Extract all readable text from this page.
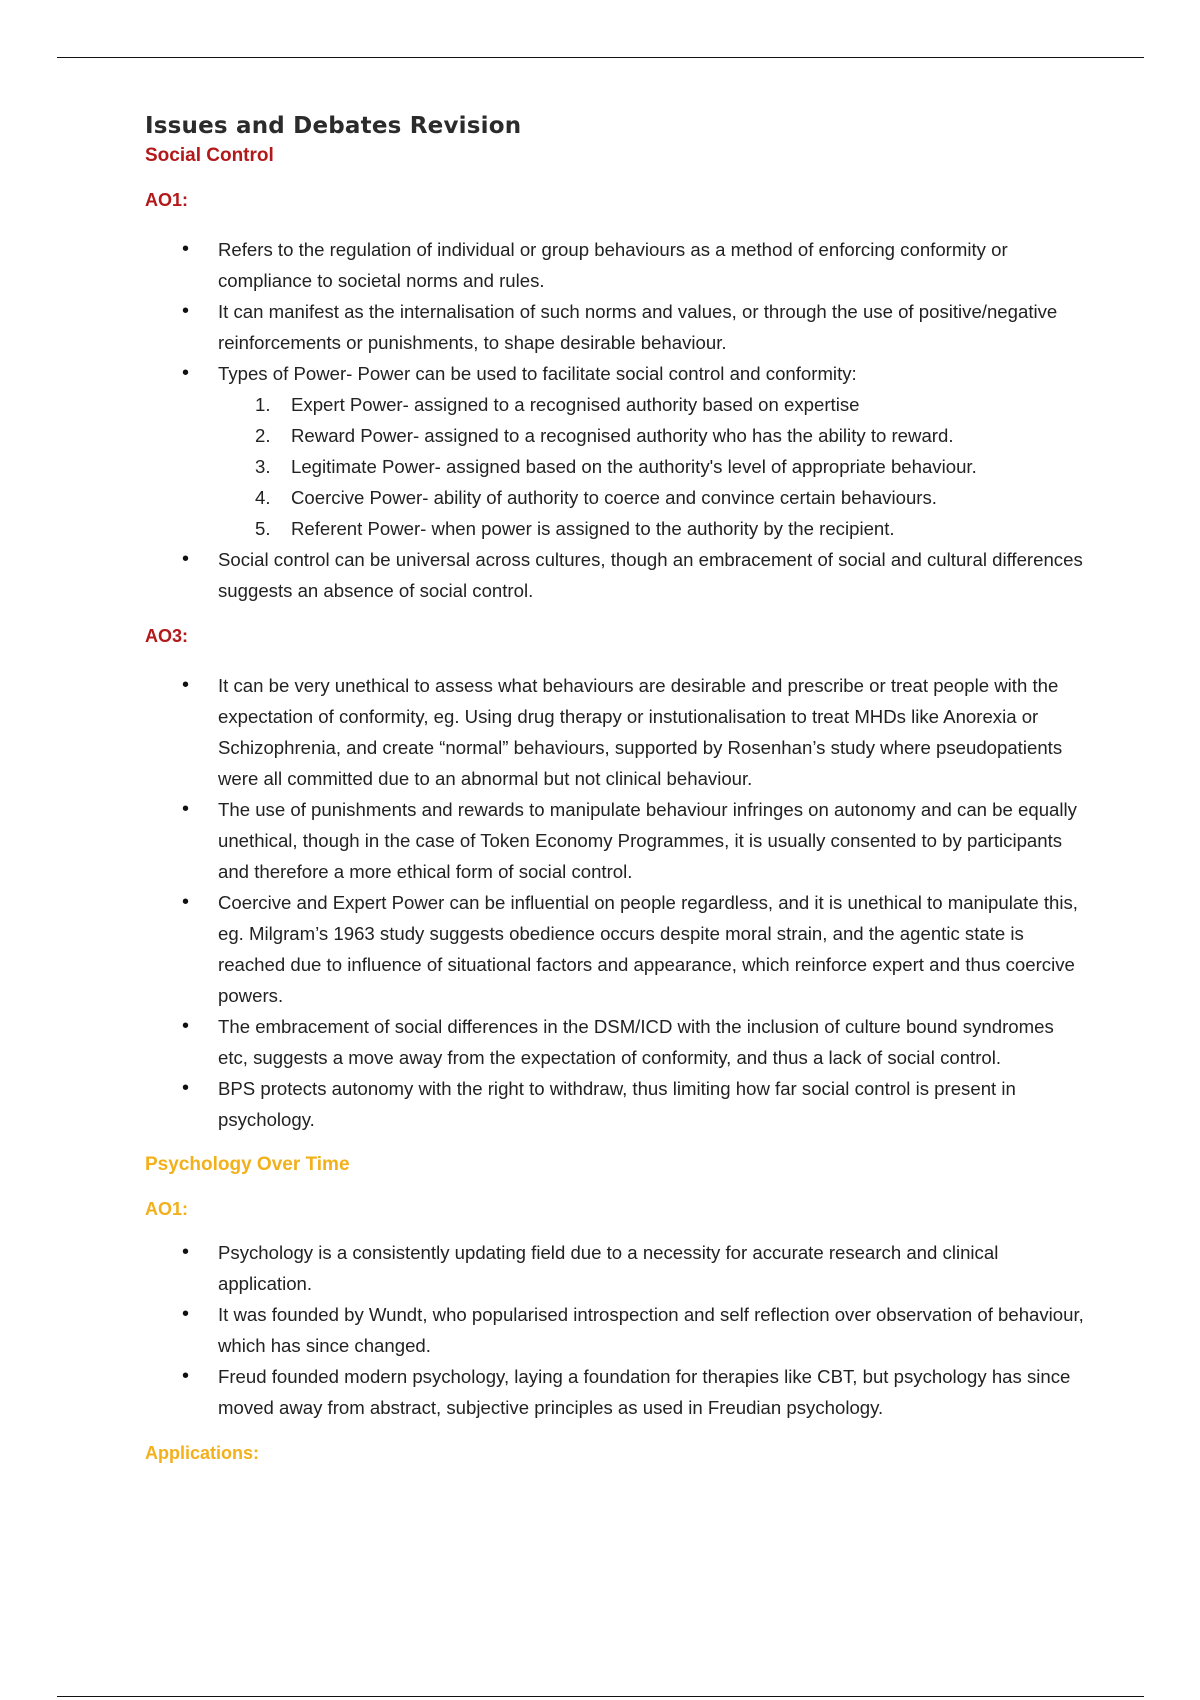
Issues and Debates Revision
Social Control
AO1:
• Refers to the regulation of individual or group behaviours as a method of enforcing conformity or compliance to societal norms and rules.
• It can manifest as the internalisation of such norms and values, or through the use of positive/negative reinforcements or punishments, to shape desirable behaviour.
• Types of Power- Power can be used to facilitate social control and conformity:
1. Expert Power- assigned to a recognised authority based on expertise
2. Reward Power- assigned to a recognised authority who has the ability to reward.
3. Legitimate Power- assigned based on the authority's level of appropriate behaviour.
4. Coercive Power- ability of authority to coerce and convince certain behaviours.
5. Referent Power- when power is assigned to the authority by the recipient.
• Social control can be universal across cultures, though an embracement of social and cultural differences suggests an absence of social control.
AO3:
• It can be very unethical to assess what behaviours are desirable and prescribe or treat people with the expectation of conformity, eg. Using drug therapy or instutionalisation to treat MHDs like Anorexia or Schizophrenia, and create “normal” behaviours, supported by Rosenhan’s study where pseudopatients were all committed due to an abnormal but not clinical behaviour.
• The use of punishments and rewards to manipulate behaviour infringes on autonomy and can be equally unethical, though in the case of Token Economy Programmes, it is usually consented to by participants and therefore a more ethical form of social control.
• Coercive and Expert Power can be influential on people regardless, and it is unethical to manipulate this, eg. Milgram’s 1963 study suggests obedience occurs despite moral strain, and the agentic state is reached due to influence of situational factors and appearance, which reinforce expert and thus coercive powers.
• The embracement of social differences in the DSM/ICD with the inclusion of culture bound syndromes etc, suggests a move away from the expectation of conformity, and thus a lack of social control.
• BPS protects autonomy with the right to withdraw, thus limiting how far social control is present in psychology.
Psychology Over Time
AO1:
• Psychology is a consistently updating field due to a necessity for accurate research and clinical application.
• It was founded by Wundt, who popularised introspection and self reflection over observation of behaviour, which has since changed.
• Freud founded modern psychology, laying a foundation for therapies like CBT, but psychology has since moved away from abstract, subjective principles as used in Freudian psychology.
Applications:
